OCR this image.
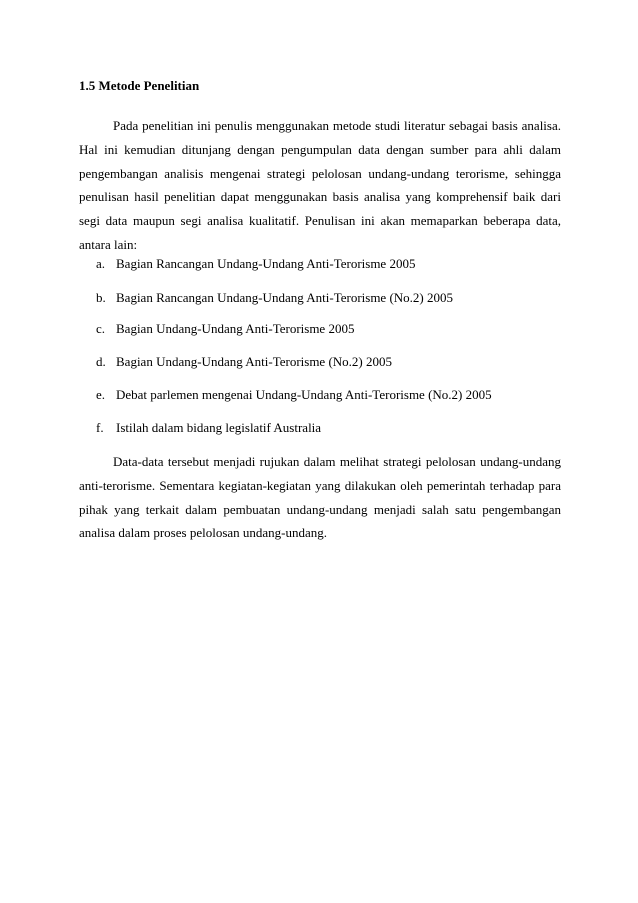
1.5 Metode Penelitian

Pada penelitian ini penulis menggunakan metode studi literatur sebagai basis analisa. Hal ini kemudian ditunjang dengan pengumpulan data dengan sumber para ahli dalam pengembangan analisis mengenai strategi pelolosan undang-undang terorisme, sehingga penulisan hasil penelitian dapat menggunakan basis analisa yang komprehensif baik dari segi data maupun segi analisa kualitatif. Penulisan ini akan memaparkan beberapa data, antara lain:

a. Bagian Rancangan Undang-Undang Anti-Terorisme 2005
b. Bagian Rancangan Undang-Undang Anti-Terorisme (No.2) 2005
c. Bagian Undang-Undang Anti-Terorisme 2005
d. Bagian Undang-Undang Anti-Terorisme (No.2) 2005
e. Debat parlemen mengenai Undang-Undang Anti-Terorisme (No.2) 2005
f. Istilah dalam bidang legislatif Australia

Data-data tersebut menjadi rujukan dalam melihat strategi pelolosan undang-undang anti-terorisme. Sementara kegiatan-kegiatan yang dilakukan oleh pemerintah terhadap para pihak yang terkait dalam pembuatan undang-undang menjadi salah satu pengembangan analisa dalam proses pelolosan undang-undang.
